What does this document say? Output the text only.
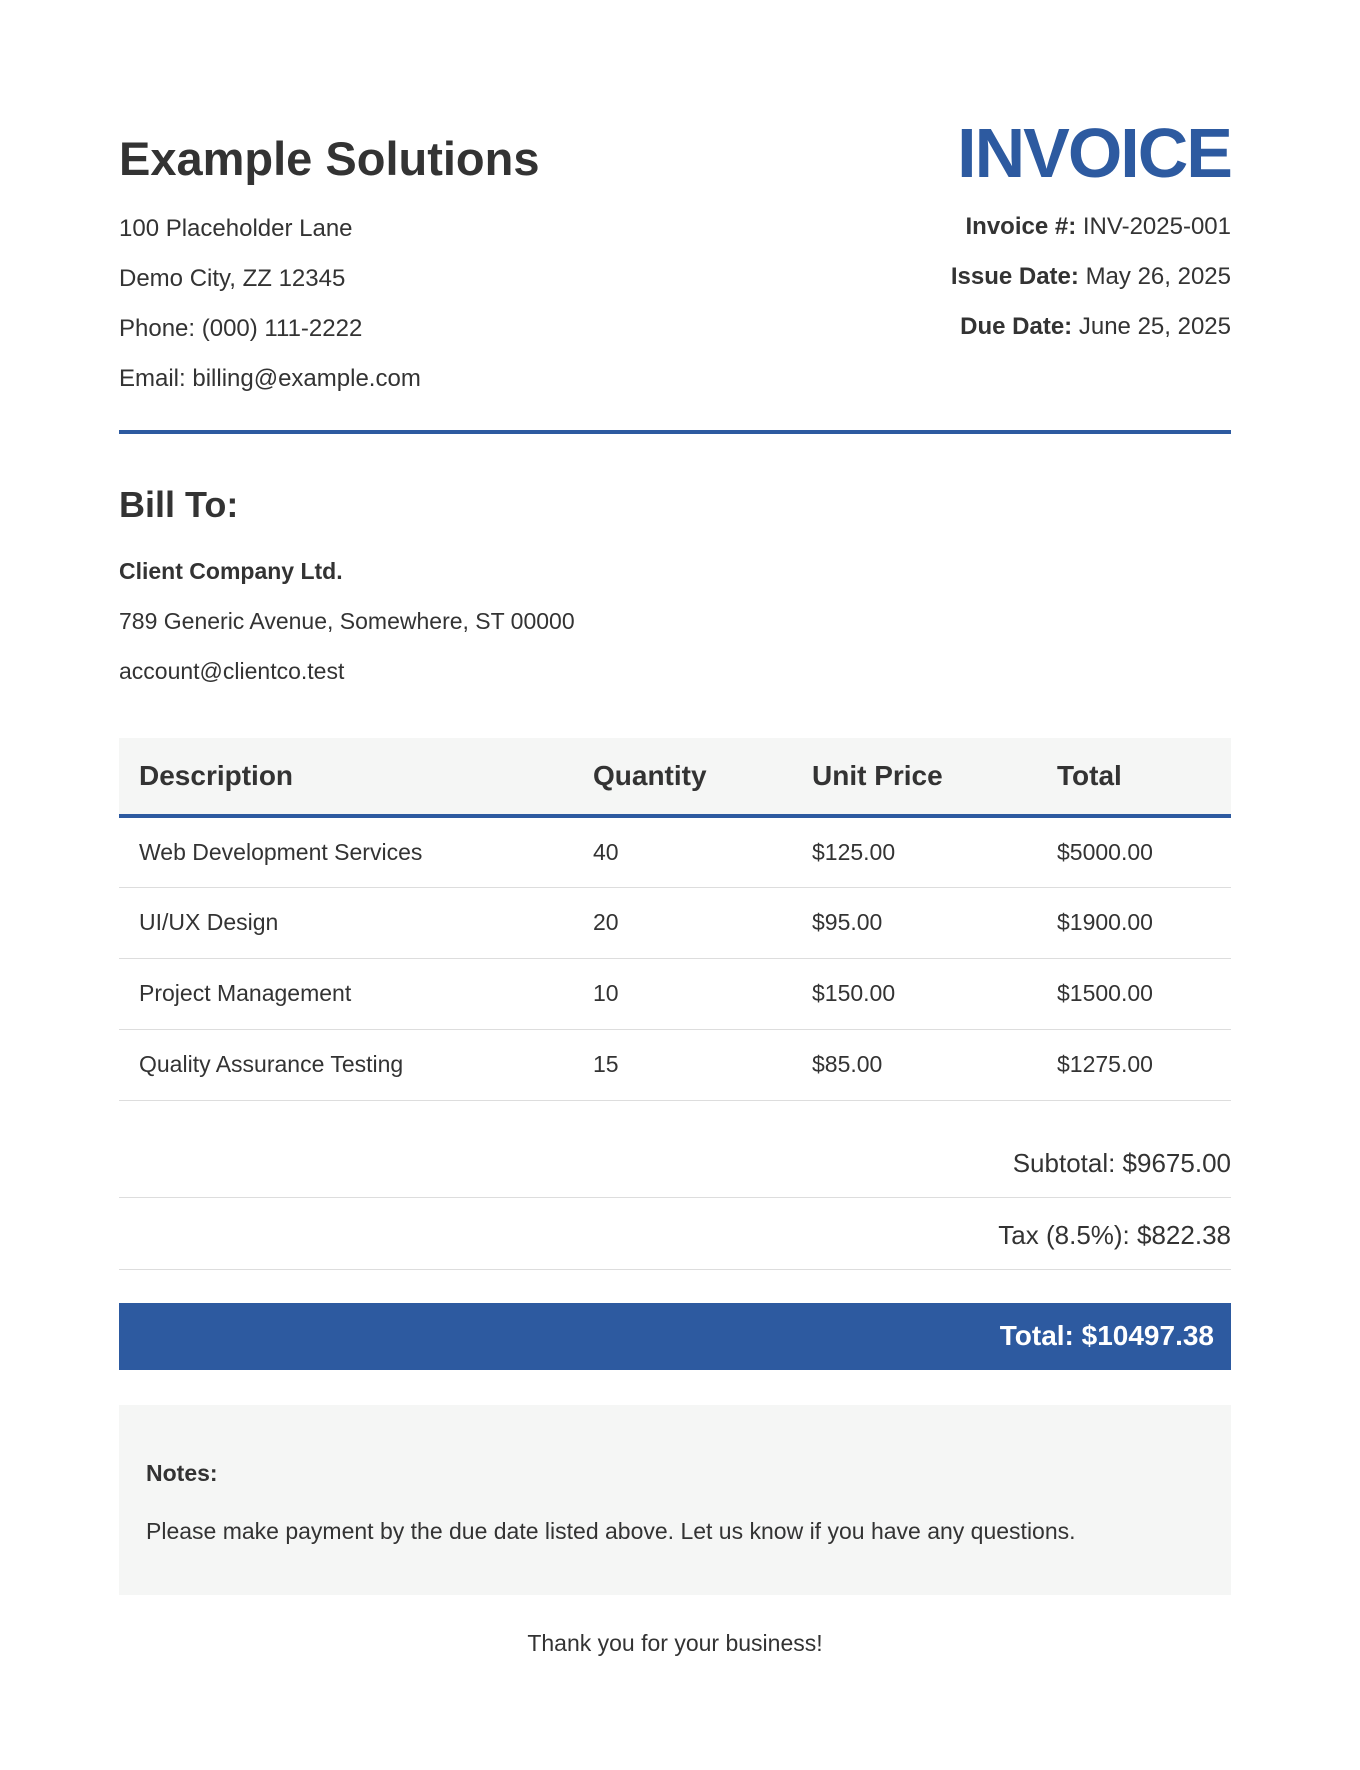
Example Solutions
100 Placeholder Lane
Demo City, ZZ 12345
Phone: (000) 111-2222
Email: billing@example.com
INVOICE
Invoice #: INV-2025-001
Issue Date: May 26, 2025
Due Date: June 25, 2025
Bill To:
Client Company Ltd.
789 Generic Avenue, Somewhere, ST 00000
account@clientco.test
Description	Quantity	Unit Price	Total
Web Development Services	40	$125.00	$5000.00
UI/UX Design	20	$95.00	$1900.00
Project Management	10	$150.00	$1500.00
Quality Assurance Testing	15	$85.00	$1275.00
Subtotal: $9675.00
Tax (8.5%): $822.38
Total: $10497.38
Notes:
Please make payment by the due date listed above. Let us know if you have any questions.
Thank you for your business!
